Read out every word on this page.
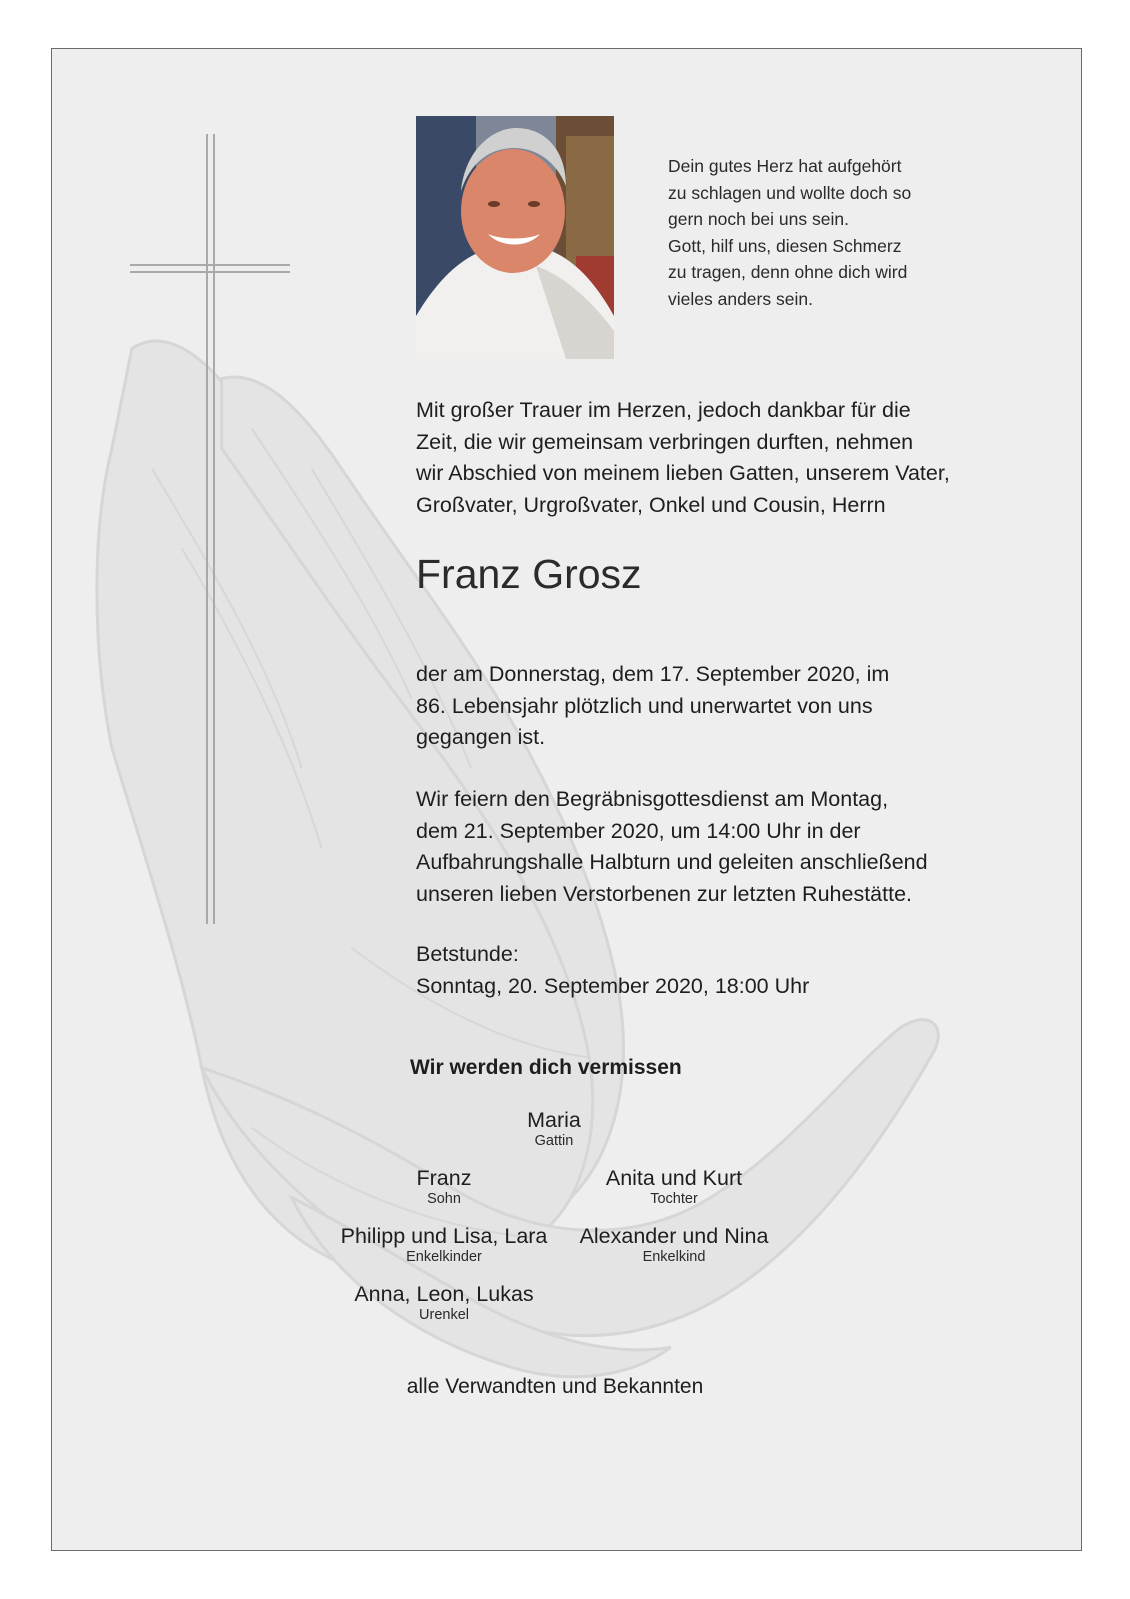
Dein gutes Herz hat aufgehört
zu schlagen und wollte doch so
gern noch bei uns sein.
Gott, hilf uns, diesen Schmerz
zu tragen, denn ohne dich wird
vieles anders sein.
Mit großer Trauer im Herzen, jedoch dankbar für die
Zeit, die wir gemeinsam verbringen durften, nehmen
wir Abschied von meinem lieben Gatten, unserem Vater,
Großvater, Urgroßvater, Onkel und Cousin, Herrn
Franz Grosz
der am Donnerstag, dem 17. September 2020, im
86. Lebensjahr plötzlich und unerwartet von uns
gegangen ist.
Wir feiern den Begräbnisgottesdienst am Montag,
dem 21. September 2020, um 14:00 Uhr in der
Aufbahrungshalle Halbturn und geleiten anschließend
unseren lieben Verstorbenen zur letzten Ruhestätte.
Betstunde:
Sonntag, 20. September 2020, 18:00 Uhr
Wir werden dich vermissen
Maria
Gattin
Franz
Sohn
Anita und Kurt
Tochter
Philipp und Lisa, Lara
Enkelkinder
Alexander und Nina
Enkelkind
Anna, Leon, Lukas
Urenkel
alle Verwandten und Bekannten
